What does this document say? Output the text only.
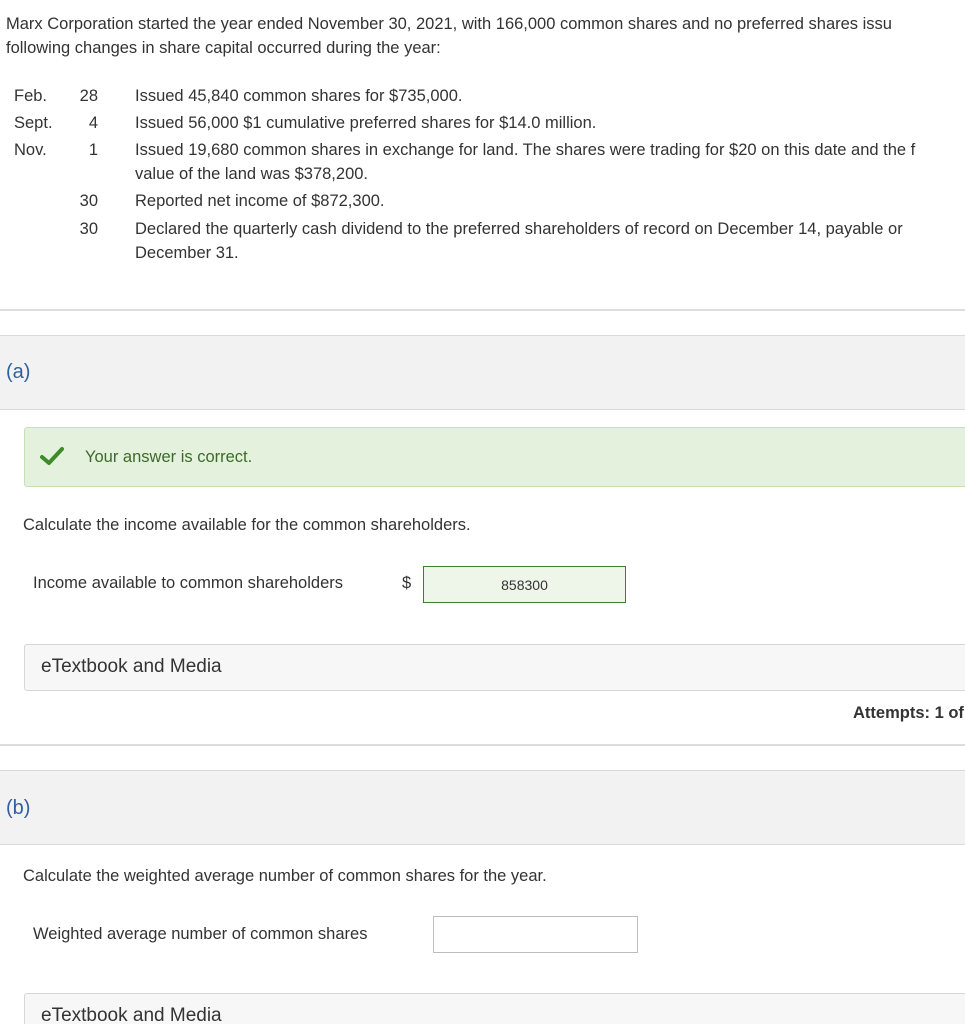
Marx Corporation started the year ended November 30, 2021, with 166,000 common shares and no preferred shares issu
following changes in share capital occurred during the year:
Feb.	28 Issued 45,840 common shares for $735,000.
Sept.	4 Issued 56,000 $1 cumulative preferred shares for $14.0 million.
Nov.	1 Issued 19,680 common shares in exchange for land. The shares were trading for $20 on this date and the f
value of the land was $378,200.
30 Reported net income of $872,300.
30 Declared the quarterly cash dividend to the preferred shareholders of record on December 14, payable or
December 31.
(a)
Your answer is correct.
Calculate the income available for the common shareholders.
Income available to common shareholders	$
858300
eTextbook and Media
Attempts: 1 of
(b)
Calculate the weighted average number of common shares for the year.
Weighted average number of common shares
eTextbook and Media
